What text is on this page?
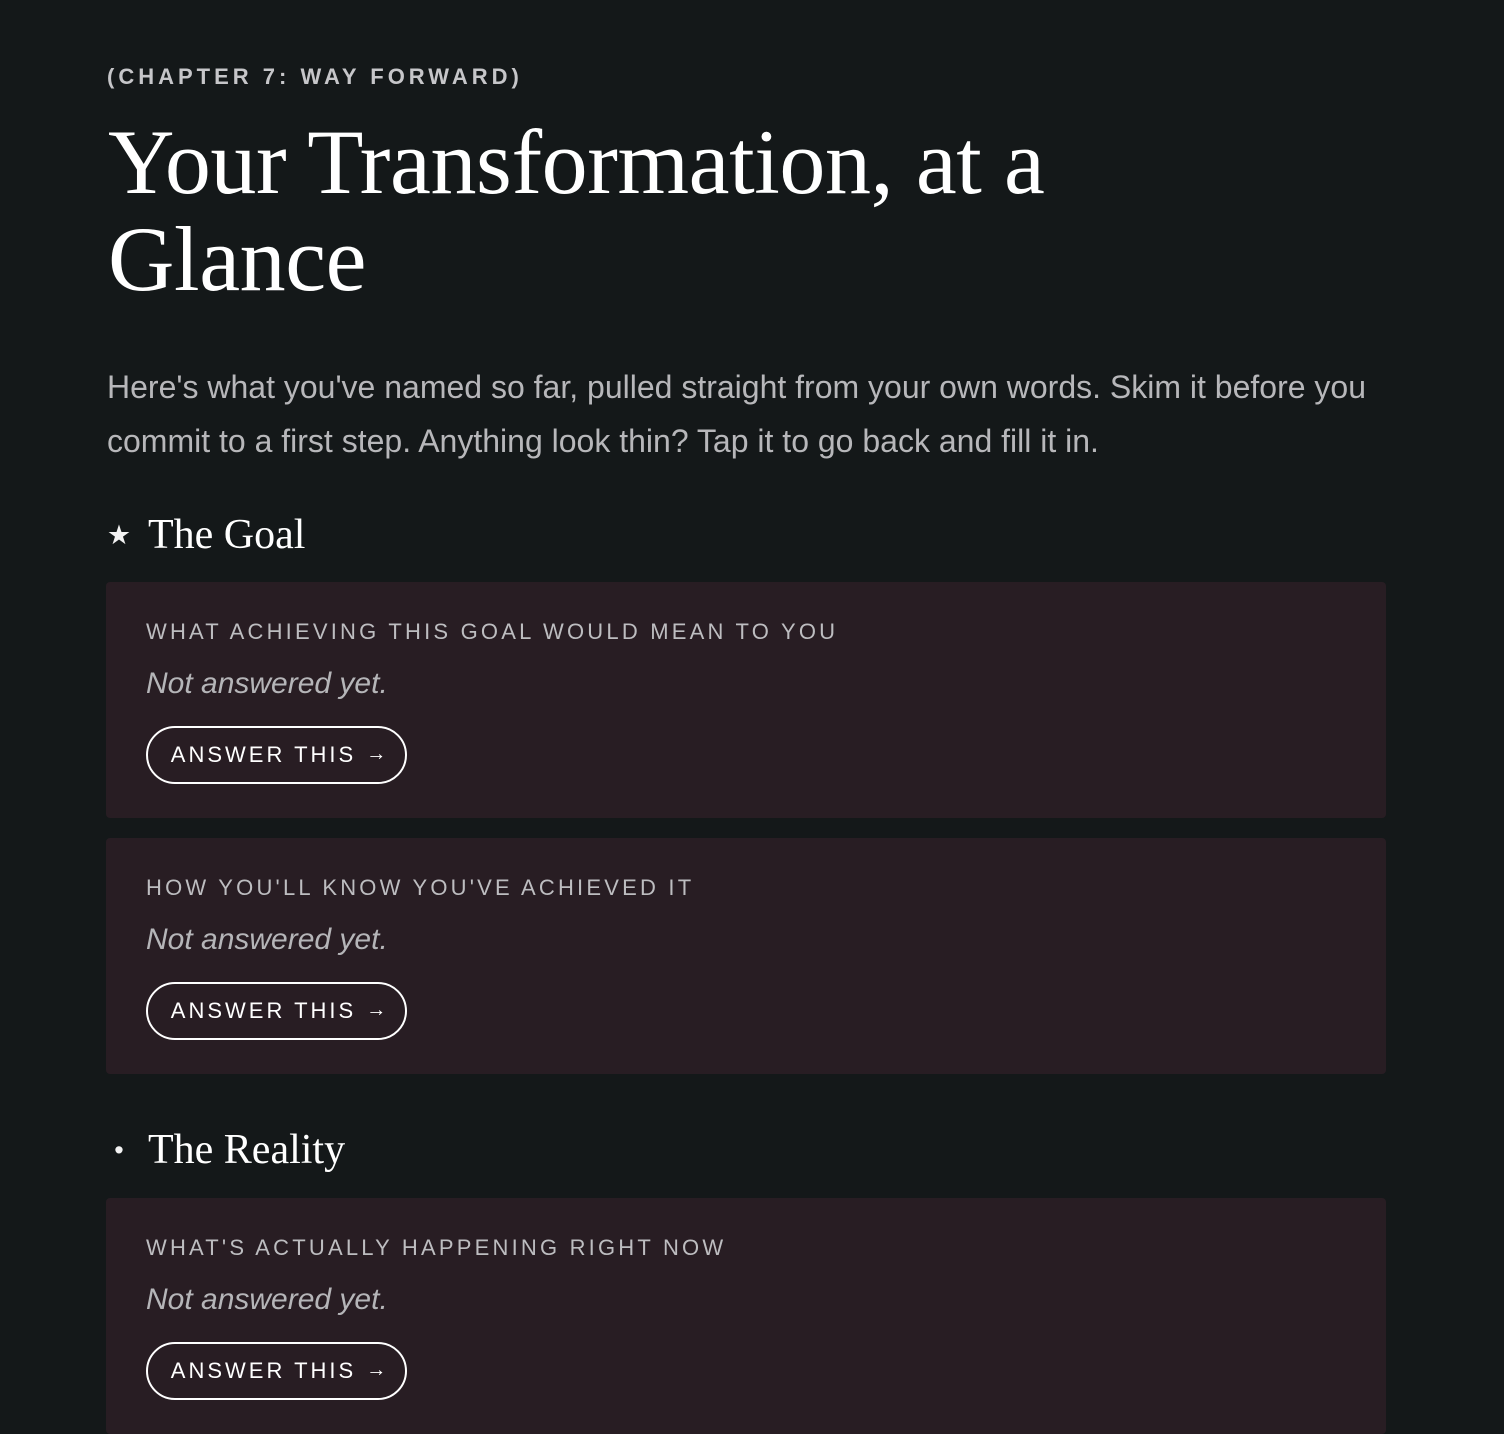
(CHAPTER 7: WAY FORWARD)
Your Transformation, at a Glance

Here's what you've named so far, pulled straight from your own words. Skim it before you commit to a first step. Anything look thin? Tap it to go back and fill it in.

★ The Goal
WHAT ACHIEVING THIS GOAL WOULD MEAN TO YOU
Not answered yet.
ANSWER THIS →
HOW YOU'LL KNOW YOU'VE ACHIEVED IT
Not answered yet.
ANSWER THIS →
• The Reality
WHAT'S ACTUALLY HAPPENING RIGHT NOW
Not answered yet.
ANSWER THIS →
